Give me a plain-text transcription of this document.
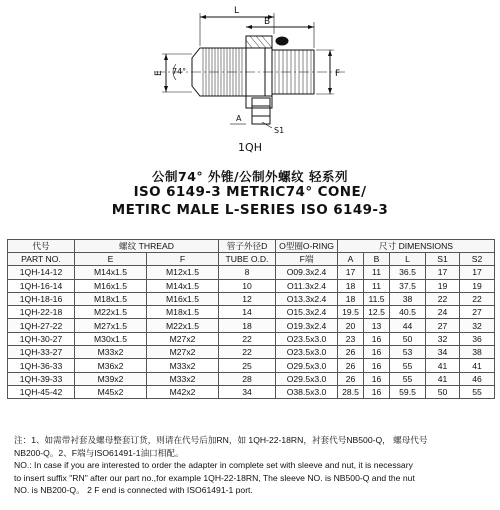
L
B
E	F
74°
A
S1
1QH
公制74° 外锥/公制外螺纹 轻系列
ISO 6149-3 METRIC74° CONE/
METIRC MALE L-SERIES ISO 6149-3
代号	螺纹 THREAD		管子外径D	O型圈O-RING	尺寸 DIMENSIONS				
PART NO.	E	F	TUBE O.D.	F端	A	B	L	S1	S2
1QH-14-12	M14x1.5	M12x1.5	8	O09.3x2.4	17	11	36.5	17	17
1QH-16-14	M16x1.5	M14x1.5	10	O11.3x2.4	18	11	37.5	19	19
1QH-18-16	M18x1.5	M16x1.5	12	O13.3x2.4	18	11.5	38	22	22
1QH-22-18	M22x1.5	M18x1.5	14	O15.3x2.4	19.5	12.5	40.5	24	27
1QH-27-22	M27x1.5	M22x1.5	18	O19.3x2.4	20	13	44	27	32
1QH-30-27	M30x1.5	M27x2	22	O23.5x3.0	23	16	50	32	36
1QH-33-27	M33x2	M27x2	22	O23.5x3.0	26	16	53	34	38
1QH-36-33	M36x2	M33x2	25	O29.5x3.0	26	16	55	41	41
1QH-39-33	M39x2	M33x2	28	O29.5x3.0	26	16	55	41	46
1QH-45-42	M45x2	M42x2	34	O38.5x3.0	28.5	16	59.5	50	55

注：1、如需带衬套及螺母整套订货，则请在代号后加RN，如 1QH-22-18RN，衬套代号NB500-Q， 螺母代号

NB200-Q。2、F端与ISO61491-1油口相配。

NO.: In case if you are interested to order the adapter in complete set with sleeve and nut, it is necessary

to insert suffix "RN" after our part no.,for example 1QH-22-18RN, The sleeve NO. is NB500-Q and the nut

NO. is NB200-Q。 2 F end is connected with ISO61491-1 port.
